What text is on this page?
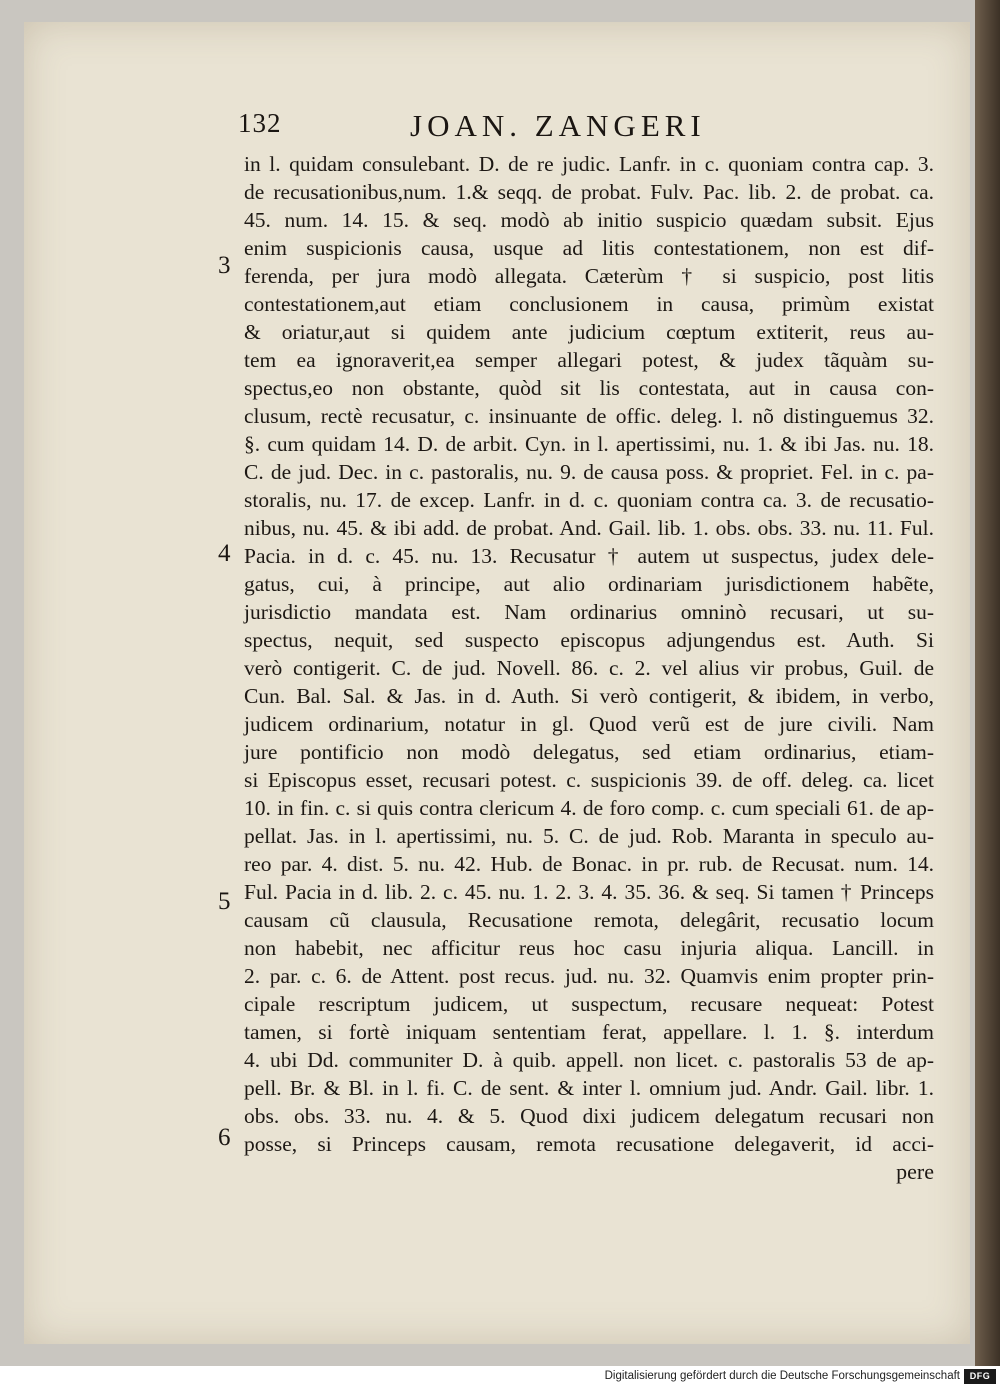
132	JOAN. ZANGERI
3
4
5
6
in l. quidam consulebant. D. de re judic. Lanfr. in c. quoniam contra cap. 3.
de recusationibus,num. 1.& seqq. de probat. Fulv. Pac. lib. 2. de probat. ca.
45. num. 14. 15. & seq. modò ab initio suspicio quædam subsit. Ejus
enim suspicionis causa, usque ad litis contestationem, non est dif-
ferenda, per jura modò allegata. Cæterùm † si suspicio, post litis
contestationem,aut etiam conclusionem in causa, primùm existat
& oriatur,aut si quidem ante judicium cœptum extiterit, reus au-
tem ea ignoraverit,ea semper allegari potest, & judex tãquàm su-
spectus,eo non obstante, quòd sit lis contestata, aut in causa con-
clusum, rectè recusatur, c. insinuante de offic. deleg. l. nõ distinguemus 32.
§. cum quidam 14. D. de arbit. Cyn. in l. apertissimi, nu. 1. & ibi Jas. nu. 18.
C. de jud. Dec. in c. pastoralis, nu. 9. de causa poss. & propriet. Fel. in c. pa-
storalis, nu. 17. de excep. Lanfr. in d. c. quoniam contra ca. 3. de recusatio-
nibus, nu. 45. & ibi add. de probat. And. Gail. lib. 1. obs. obs. 33. nu. 11. Ful.
Pacia. in d. c. 45. nu. 13. Recusatur † autem ut suspectus, judex dele-
gatus, cui, à principe, aut alio ordinariam jurisdictionem habẽte,
jurisdictio mandata est. Nam ordinarius omninò recusari, ut su-
spectus, nequit, sed suspecto episcopus adjungendus est. Auth. Si
verò contigerit. C. de jud. Novell. 86. c. 2. vel alius vir probus, Guil. de
Cun. Bal. Sal. & Jas. in d. Auth. Si verò contigerit, & ibidem, in verbo,
judicem ordinarium, notatur in gl. Quod verũ est de jure civili. Nam
jure pontificio non modò delegatus, sed etiam ordinarius, etiam-
si Episcopus esset, recusari potest. c. suspicionis 39. de off. deleg. ca. licet
10. in fin. c. si quis contra clericum 4. de foro comp. c. cum speciali 61. de ap-
pellat. Jas. in l. apertissimi, nu. 5. C. de jud. Rob. Maranta in speculo au-
reo par. 4. dist. 5. nu. 42. Hub. de Bonac. in pr. rub. de Recusat. num. 14.
Ful. Pacia in d. lib. 2. c. 45. nu. 1. 2. 3. 4. 35. 36. & seq. Si tamen † Princeps
causam cũ clausula, Recusatione remota, delegârit, recusatio locum
non habebit, nec afficitur reus hoc casu injuria aliqua. Lancill. in
2. par. c. 6. de Attent. post recus. jud. nu. 32. Quamvis enim propter prin-
cipale rescriptum judicem, ut suspectum, recusare nequeat: Potest
tamen, si fortè iniquam sententiam ferat, appellare. l. 1. §. interdum
4. ubi Dd. communiter D. à quib. appell. non licet. c. pastoralis 53 de ap-
pell. Br. & Bl. in l. fi. C. de sent. & inter l. omnium jud. Andr. Gail. libr. 1.
obs. obs. 33. nu. 4. & 5. Quod dixi judicem delegatum recusari non
posse, si Princeps causam, remota recusatione delegaverit, id acci-
pere
Digitalisierung gefördert durch die Deutsche Forschungsgemeinschaft	DFG
